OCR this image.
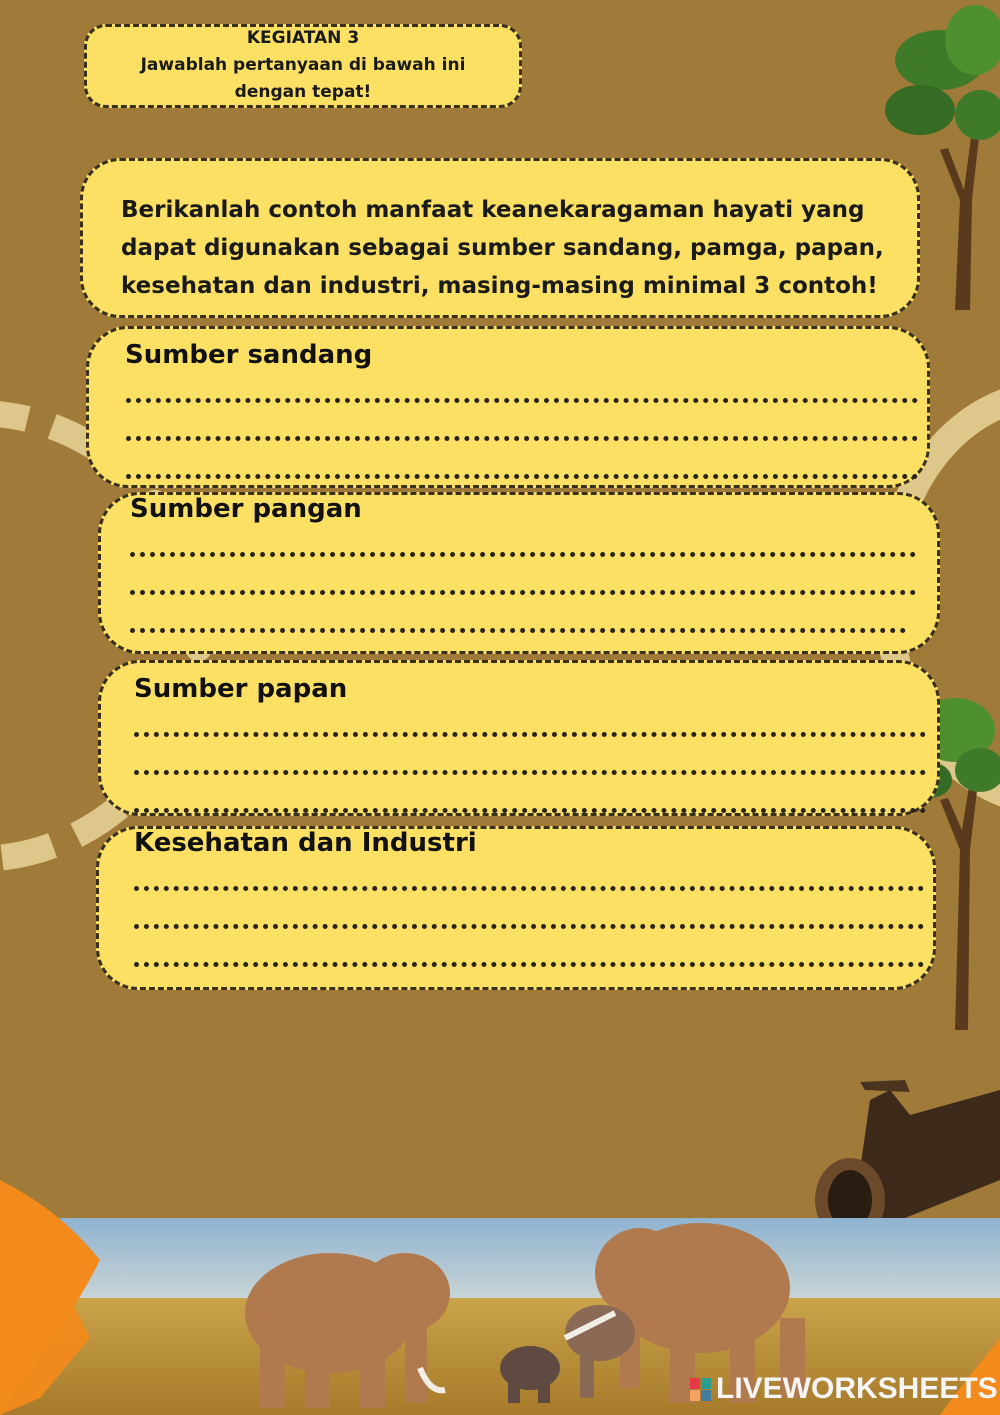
KEGIATAN 3
Jawablah pertanyaan di bawah ini dengan tepat!
Berikanlah contoh manfaat keanekaragaman hayati yang dapat digunakan sebagai sumber sandang, pamga, papan, kesehatan dan industri, masing-masing minimal 3 contoh!
Sumber sandang
Sumber pangan
Sumber papan
Kesehatan dan Industri
LIVEWORKSHEETS
